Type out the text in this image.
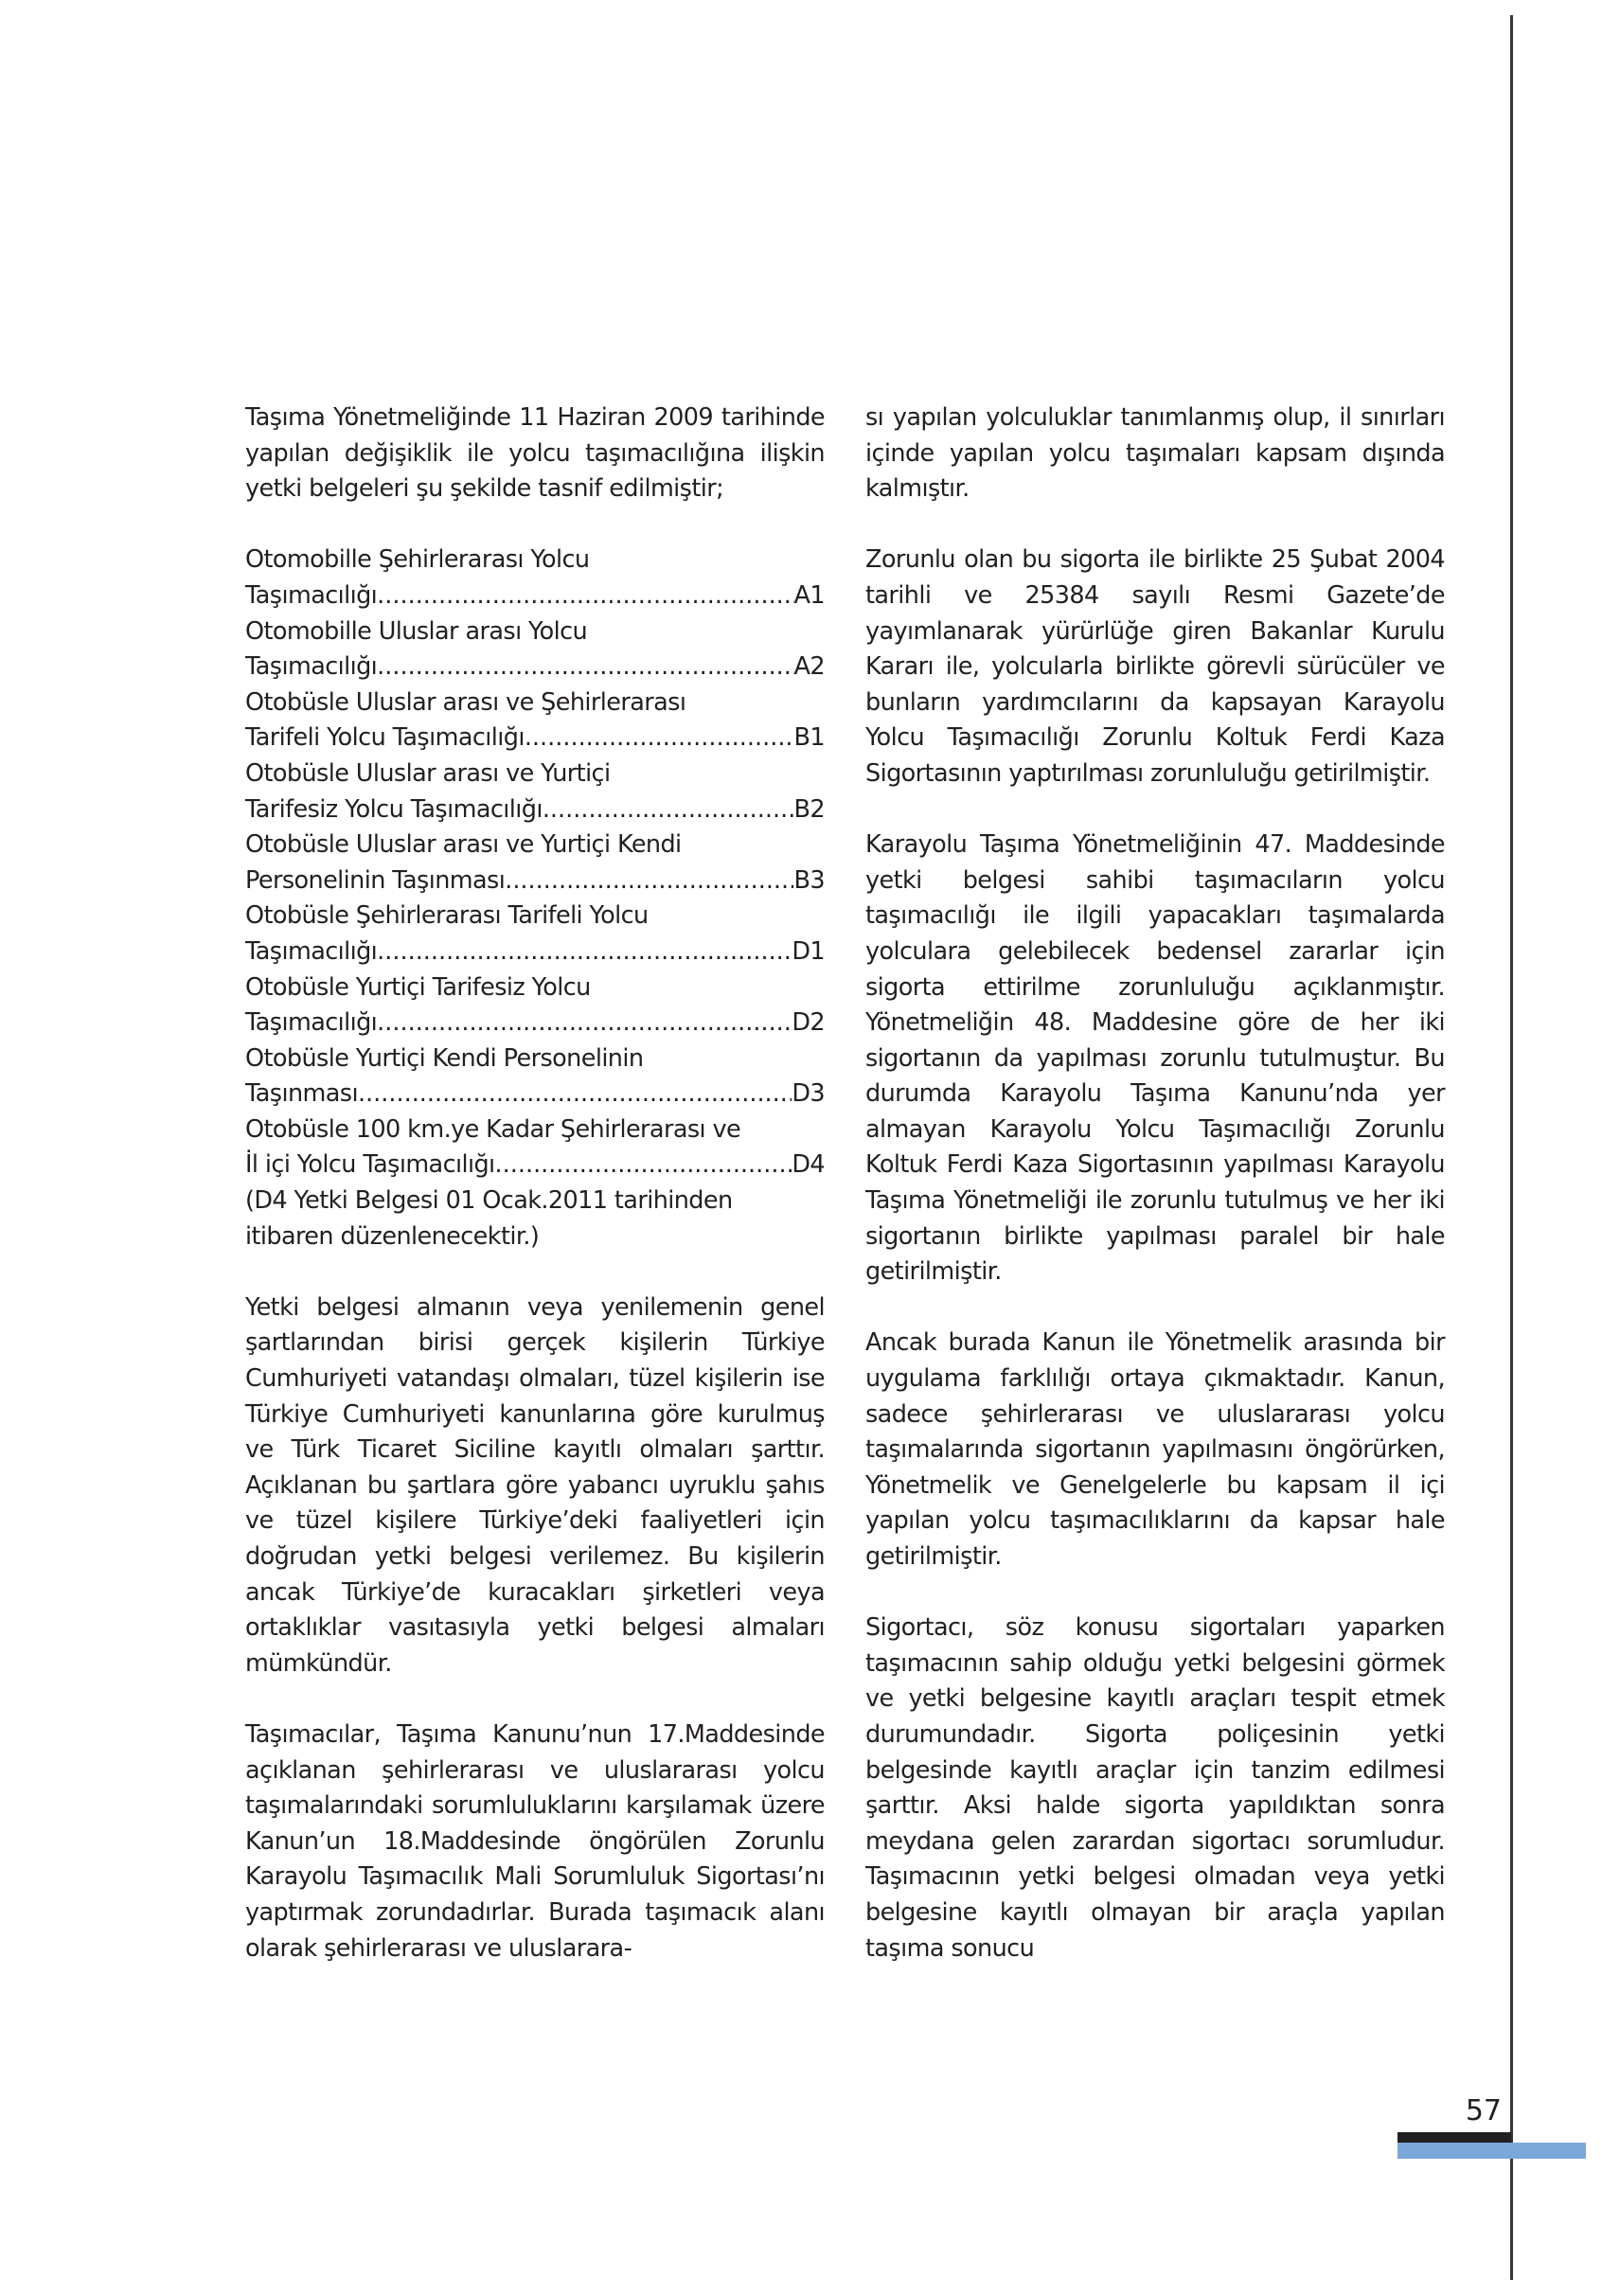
Taşıma Yönetmeliğinde 11 Haziran 2009 tarihinde yapılan değişiklik ile yolcu taşımacılığına ilişkin yetki belgeleri şu şekilde tasnif edilmiştir;

Otomobille Şehirlerarası Yolcu
Taşımacılığı .....	A1
Otomobille Uluslar arası Yolcu
Taşımacılığı .....	A2
Otobüsle Uluslar arası ve Şehirlerarası
Tarifeli Yolcu Taşımacılığı .....	B1
Otobüsle Uluslar arası ve Yurtiçi
Tarifesiz Yolcu Taşımacılığı .....	B2
Otobüsle Uluslar arası ve Yurtiçi Kendi
Personelinin Taşınması .....	B3
Otobüsle Şehirlerarası Tarifeli Yolcu
Taşımacılığı .....	D1
Otobüsle Yurtiçi Tarifesiz Yolcu
Taşımacılığı .....	D2
Otobüsle Yurtiçi Kendi Personelinin
Taşınması .....	D3
Otobüsle 100 km.ye Kadar Şehirlerarası ve
İl içi Yolcu Taşımacılığı .....	D4
(D4 Yetki Belgesi 01 Ocak.2011 tarihinden itibaren düzenlenecektir.)

Yetki belgesi almanın veya yenilemenin genel şartlarından birisi gerçek kişilerin Türkiye Cumhuriyeti vatandaşı olmaları, tüzel kişilerin ise Türkiye Cumhuriyeti kanunlarına göre kurulmuş ve Türk Ticaret Siciline kayıtlı olmaları şarttır. Açıklanan bu şartlara göre yabancı uyruklu şahıs ve tüzel kişilere Türkiye’deki faaliyetleri için doğrudan yetki belgesi verilemez. Bu kişilerin ancak Türkiye’de kuracakları şirketleri veya ortaklıklar vasıtasıyla yetki belgesi almaları mümkündür.

Taşımacılar, Taşıma Kanunu’nun 17.Maddesinde açıklanan şehirlerarası ve uluslararası yolcu taşımalarındaki sorumluluklarını karşılamak üzere Kanun’un 18.Maddesinde öngörülen Zorunlu Karayolu Taşımacılık Mali Sorumluluk Sigortası’nı yaptırmak zorundadırlar. Burada taşımacık alanı olarak şehirlerarası ve uluslarara-

sı yapılan yolculuklar tanımlanmış olup, il sınırları içinde yapılan yolcu taşımaları kapsam dışında kalmıştır.

Zorunlu olan bu sigorta ile birlikte 25 Şubat 2004 tarihli ve 25384 sayılı Resmi Gazete’de yayımlanarak yürürlüğe giren Bakanlar Kurulu Kararı ile, yolcularla birlikte görevli sürücüler ve bunların yardımcılarını da kapsayan Karayolu Yolcu Taşımacılığı Zorunlu Koltuk Ferdi Kaza Sigortasının yaptırılması zorunluluğu getirilmiştir.

Karayolu Taşıma Yönetmeliğinin 47. Maddesinde yetki belgesi sahibi taşımacıların yolcu taşımacılığı ile ilgili yapacakları taşımalarda yolculara gelebilecek bedensel zararlar için sigorta ettirilme zorunluluğu açıklanmıştır. Yönetmeliğin 48. Maddesine göre de her iki sigortanın da yapılması zorunlu tutulmuştur. Bu durumda Karayolu Taşıma Kanunu’nda yer almayan Karayolu Yolcu Taşımacılığı Zorunlu Koltuk Ferdi Kaza Sigortasının yapılması Karayolu Taşıma Yönetmeliği ile zorunlu tutulmuş ve her iki sigortanın birlikte yapılması paralel bir hale getirilmiştir.

Ancak burada Kanun ile Yönetmelik arasında bir uygulama farklılığı ortaya çıkmaktadır. Kanun, sadece şehirlerarası ve uluslararası yolcu taşımalarında sigortanın yapılmasını öngörürken, Yönetmelik ve Genelgelerle bu kapsam il içi yapılan yolcu taşımacılıklarını da kapsar hale getirilmiştir.

Sigortacı, söz konusu sigortaları yaparken taşımacının sahip olduğu yetki belgesini görmek ve yetki belgesine kayıtlı araçları tespit etmek durumundadır. Sigorta poliçesinin yetki belgesinde kayıtlı araçlar için tanzim edilmesi şarttır. Aksi halde sigorta yapıldıktan sonra meydana gelen zarardan sigortacı sorumludur. Taşımacının yetki belgesi olmadan veya yetki belgesine kayıtlı olmayan bir araçla yapılan taşıma sonucu

57
